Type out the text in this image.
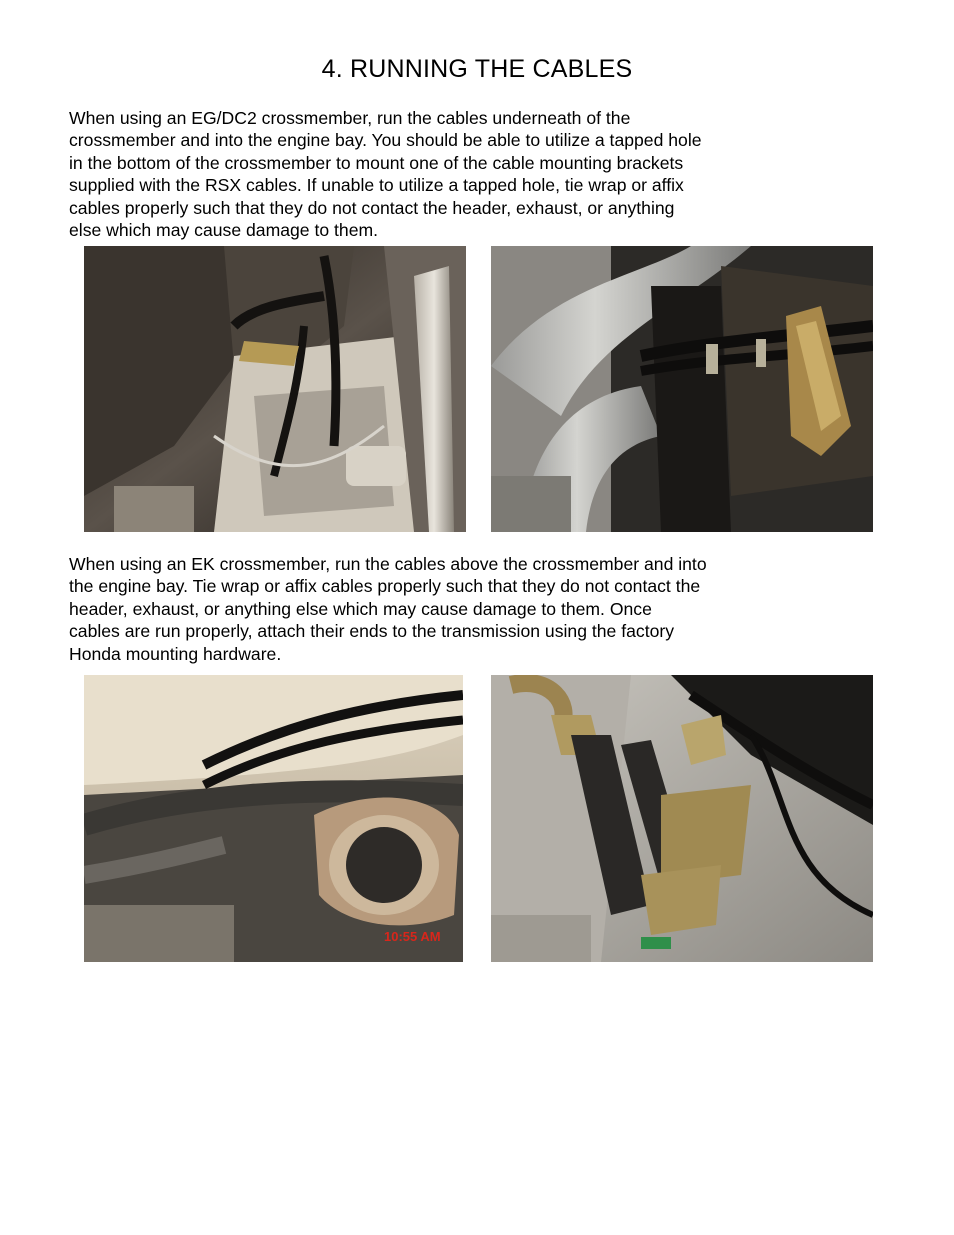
4. RUNNING THE CABLES

When using an EG/DC2 crossmember, run the cables underneath of the
crossmember and into the engine bay. You should be able to utilize a tapped hole
in the bottom of the crossmember to mount one of the cable mounting brackets
supplied with the RSX cables. If unable to utilize a tapped hole, tie wrap or affix
cables properly such that they do not contact the header, exhaust, or anything
else which may cause damage to them.

When using an EK crossmember, run the cables above the crossmember and into
the engine bay. Tie wrap or affix cables properly such that they do not contact the
header, exhaust, or anything else which may cause damage to them. Once
cables are run properly, attach their ends to the transmission using the factory
Honda mounting hardware.

10:55 AM
